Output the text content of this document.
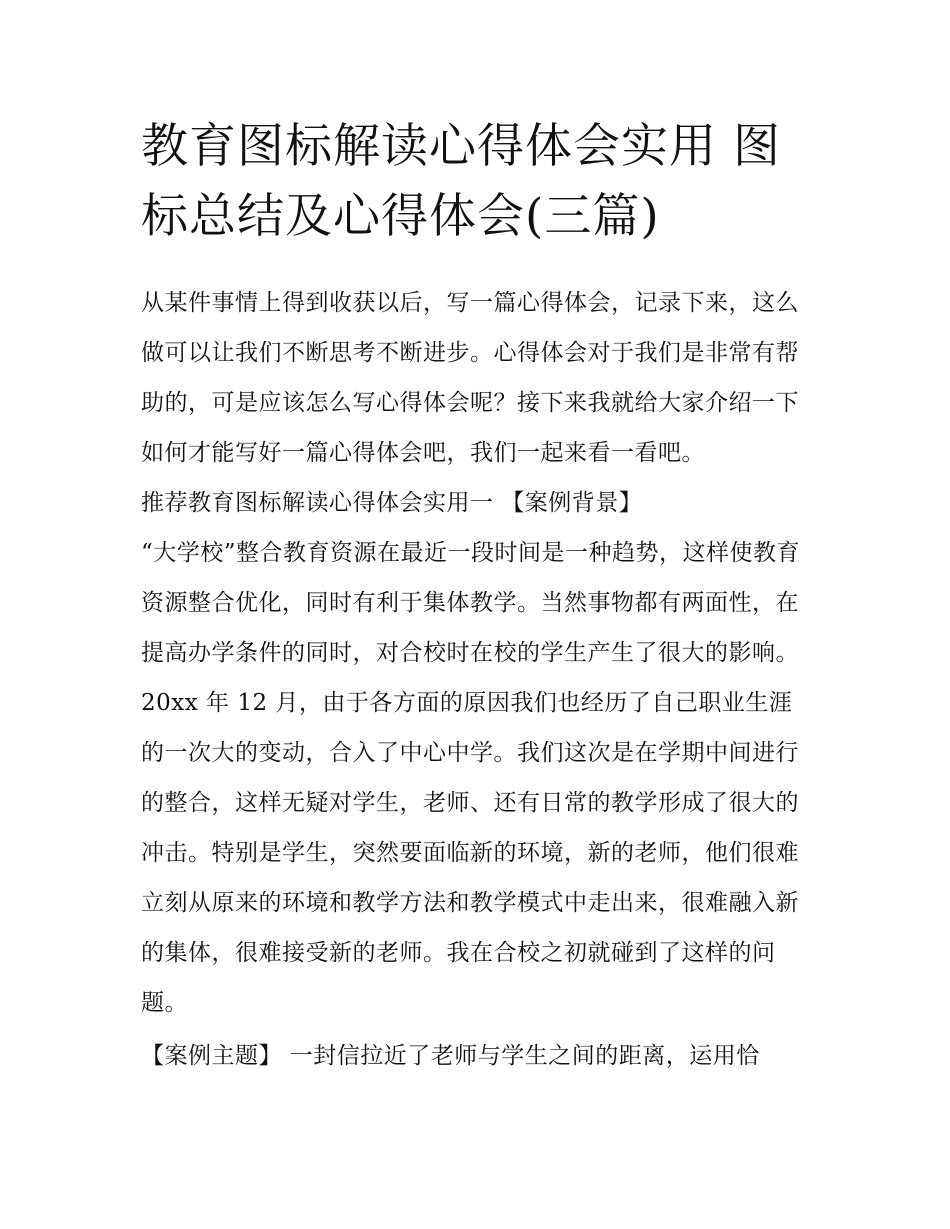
教育图标解读心得体会实用 图标总结及心得体会(三篇)

从某件事情上得到收获以后，写一篇心得体会，记录下来，这么做可以让我们不断思考不断进步。心得体会对于我们是非常有帮助的，可是应该怎么写心得体会呢？接下来我就给大家介绍一下如何才能写好一篇心得体会吧，我们一起来看一看吧。

推荐教育图标解读心得体会实用一 【案例背景】

“大学校”整合教育资源在最近一段时间是一种趋势，这样使教育资源整合优化，同时有利于集体教学。当然事物都有两面性，在提高办学条件的同时，对合校时在校的学生产生了很大的影响。20xx 年 12 月，由于各方面的原因我们也经历了自己职业生涯的一次大的变动，合入了中心中学。我们这次是在学期中间进行的整合，这样无疑对学生，老师、还有日常的教学形成了很大的冲击。特别是学生，突然要面临新的环境，新的老师，他们很难立刻从原来的环境和教学方法和教学模式中走出来，很难融入新的集体，很难接受新的老师。我在合校之初就碰到了这样的问题。

【案例主题】 一封信拉近了老师与学生之间的距离，运用恰
